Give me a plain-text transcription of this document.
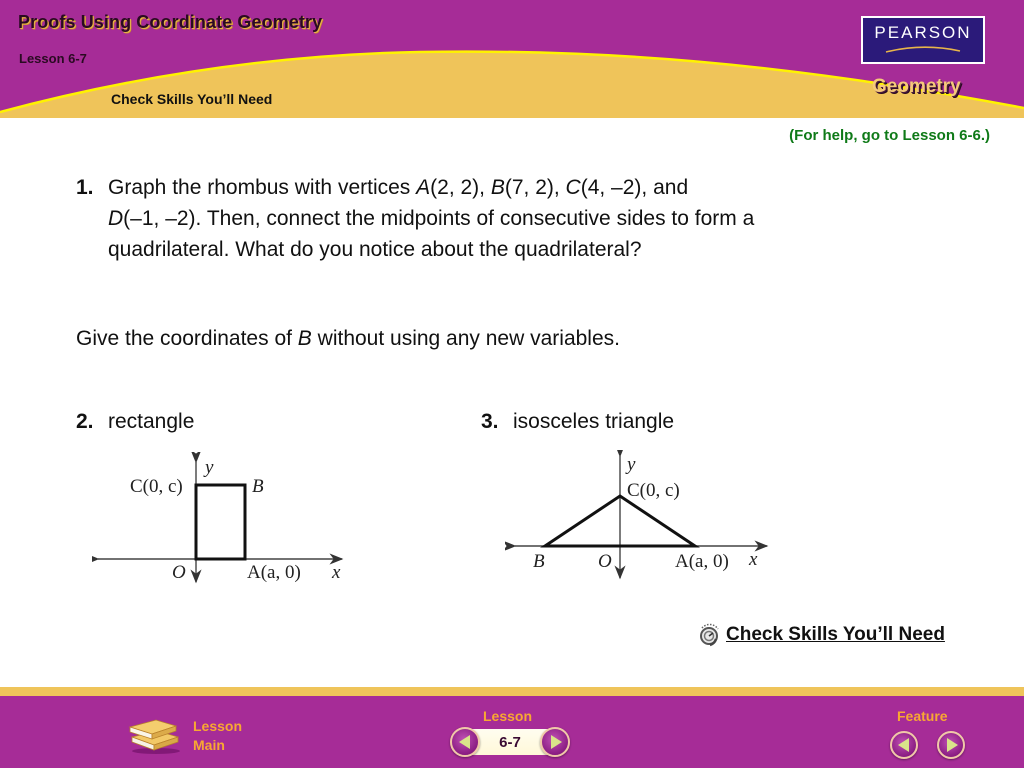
Proofs Using Coordinate Geometry
Lesson 6-7
Check Skills You’ll Need
PEARSON
Geometry
(For help, go to Lesson 6-6.)
1. Graph the rhombus with vertices A(2, 2), B(7, 2), C(4, –2), and
D(–1, –2). Then, connect the midpoints of consecutive sides to form a
quadrilateral. What do you notice about the quadrilateral?
Give the coordinates of B without using any new variables.
2. rectangle	3. isosceles triangle
y
C(0, c)	B
O	A(a, 0) x
y
C(0, c)
B	O	A(a, 0) x
Check Skills You’ll Need
Lesson
Main
Lesson
6-7
Feature
